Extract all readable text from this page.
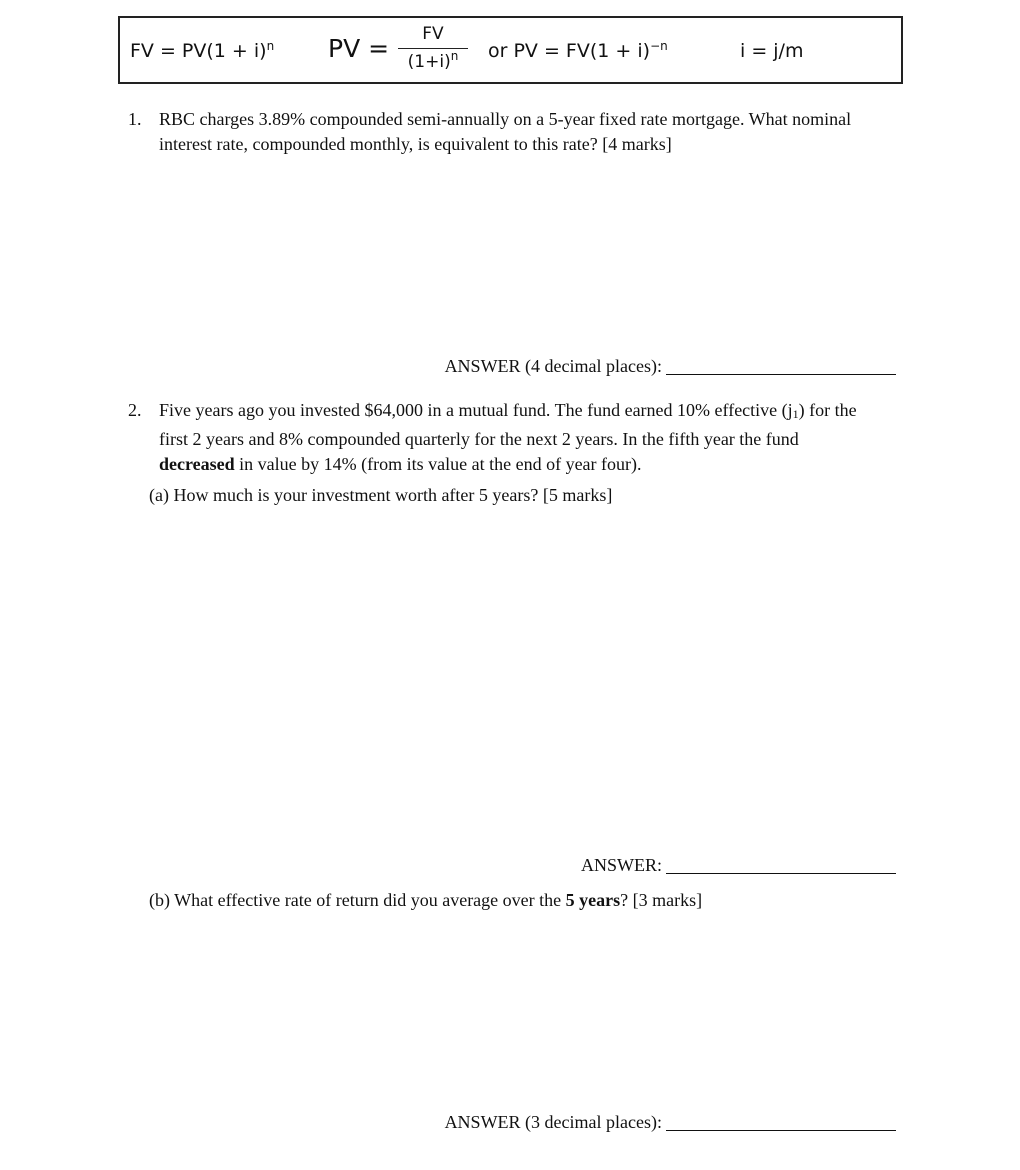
FV = $PV(1 + i)^n$ PV =	FV
$(1+i)^n$	or PV = $FV(1 + i)^{-n}$	i = j/m
1. RBC charges 3.89% compounded semi-annually on a 5-year fixed rate mortgage. What nominal interest rate, compounded monthly, is equivalent to this rate? [4 marks]
ANSWER (4 decimal places):
2. Five years ago you invested $64,000 in a mutual fund. The fund earned 10% effective (j1) for the first 2 years and 8% compounded quarterly for the next 2 years. In the fifth year the fund decreased in value by 14% (from its value at the end of year four).
(a) How much is your investment worth after 5 years? [5 marks]
ANSWER:
(b) What effective rate of return did you average over the 5 years? [3 marks]
ANSWER (3 decimal places):
